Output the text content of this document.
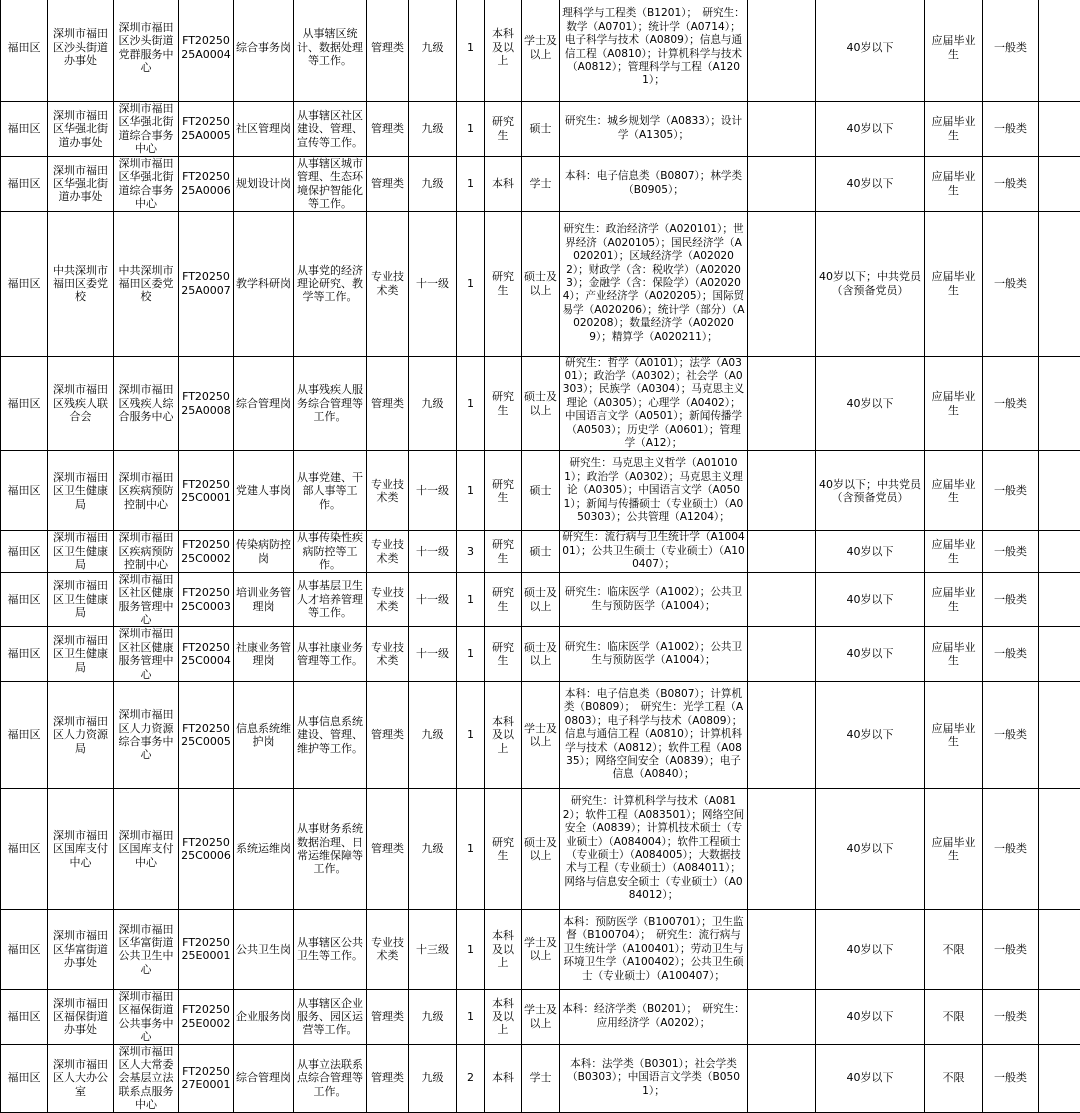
福田区	深圳市福田区沙头街道办事处	深圳市福田区沙头街道党群服务中心	FT2025025A0004	综合事务岗	从事辖区统计、数据处理等工作。	管理类	九级	1	本科及以上	学士及以上	理科学与工程类（B1201）；　研究生：数学（A0701）；统计学（A0714）；电子科学与技术（A0809）；信息与通信工程（A0810）；计算机科学与技术（A0812）；管理科学与工程（A1201）；		40岁以下	应届毕业生	一般类	
福田区	深圳市福田区华强北街道办事处	深圳市福田区华强北街道综合事务中心	FT2025025A0005	社区管理岗	从事辖区社区建设、管理、宣传等工作。	管理类	九级	1	研究生	硕士	研究生：城乡规划学（A0833）；设计学（A1305）；		40岁以下	应届毕业生	一般类	
福田区	深圳市福田区华强北街道办事处	深圳市福田区华强北街道综合事务中心	FT2025025A0006	规划设计岗	从事辖区城市管理、生态环境保护智能化等工作。	管理类	九级	1	本科	学士	本科：电子信息类（B0807）；林学类（B0905）；		40岁以下	应届毕业生	一般类	
福田区	中共深圳市福田区委党校	中共深圳市福田区委党校	FT2025025A0007	教学科研岗	从事党的经济理论研究、教学等工作。	专业技术类	十一级	1	研究生	硕士及以上	研究生：政治经济学（A020101）；世界经济（A020105）；国民经济学（A020201）；区域经济学（A020202）；财政学（含：税收学）（A020203）；金融学（含：保险学）（A020204）；产业经济学（A020205）；国际贸易学（A020206）；统计学（部分）（A020208）；数量经济学（A020209）；精算学（A020211）；		40岁以下；中共党员（含预备党员）	应届毕业生	一般类	
福田区	深圳市福田区残疾人联合会	深圳市福田区残疾人综合服务中心	FT2025025A0008	综合管理岗	从事残疾人服务综合管理等工作。	管理类	九级	1	研究生	硕士及以上	研究生：哲学（A0101）；法学（A0301）；政治学（A0302）；社会学（A0303）；民族学（A0304）；马克思主义理论（A0305）；心理学（A0402）；中国语言文学（A0501）；新闻传播学（A0503）；历史学（A0601）；管理学（A12）；		40岁以下	应届毕业生	一般类	
福田区	深圳市福田区卫生健康局	深圳市福田区疾病预防控制中心	FT2025025C0001	党建人事岗	从事党建、干部人事等工作。	专业技术类	十一级	1	研究生	硕士	研究生：马克思主义哲学（A010101）；政治学（A0302）；马克思主义理论（A0305）；中国语言文学（A0501）；新闻与传播硕士（专业硕士）（A050303）；公共管理（A1204）；		40岁以下；中共党员（含预备党员）	应届毕业生	一般类	
福田区	深圳市福田区卫生健康局	深圳市福田区疾病预防控制中心	FT2025025C0002	传染病防控岗	从事传染性疾病防控等工作。	专业技术类	十一级	3	研究生	硕士	研究生：流行病与卫生统计学（A100401）；公共卫生硕士（专业硕士）（A100407）；		40岁以下	应届毕业生	一般类	
福田区	深圳市福田区卫生健康局	深圳市福田区社区健康服务管理中心	FT2025025C0003	培训业务管理岗	从事基层卫生人才培养管理等工作。	专业技术类	十一级	1	研究生	硕士及以上	研究生：临床医学（A1002）；公共卫生与预防医学（A1004）；		40岁以下	应届毕业生	一般类	
福田区	深圳市福田区卫生健康局	深圳市福田区社区健康服务管理中心	FT2025025C0004	社康业务管理岗	从事社康业务管理等工作。	专业技术类	十一级	1	研究生	硕士及以上	研究生：临床医学（A1002）；公共卫生与预防医学（A1004）；		40岁以下	应届毕业生	一般类	
福田区	深圳市福田区人力资源局	深圳市福田区人力资源综合事务中心	FT2025025C0005	信息系统维护岗	从事信息系统建设、管理、维护等工作。	管理类	九级	1	本科及以上	学士及以上	本科：电子信息类（B0807）；计算机类（B0809）；　研究生：光学工程（A0803）；电子科学与技术（A0809）；信息与通信工程（A0810）；计算机科学与技术（A0812）；软件工程（A0835）；网络空间安全（A0839）；电子信息（A0840）；		40岁以下	应届毕业生	一般类	
福田区	深圳市福田区国库支付中心	深圳市福田区国库支付中心	FT2025025C0006	系统运维岗	从事财务系统数据治理、日常运维保障等工作。	管理类	九级	1	研究生	硕士及以上	研究生：计算机科学与技术（A0812）；软件工程（A083501）；网络空间安全（A0839）；计算机技术硕士（专业硕士）（A084004）；软件工程硕士（专业硕士）（A084005）；大数据技术与工程（专业硕士）（A084011）；网络与信息安全硕士（专业硕士）（A084012）；		40岁以下	应届毕业生	一般类	
福田区	深圳市福田区华富街道办事处	深圳市福田区华富街道公共卫生中心	FT2025025E0001	公共卫生岗	从事辖区公共卫生等工作。	专业技术类	十三级	1	本科及以上	学士及以上	本科：预防医学（B100701）；卫生监督（B100704）；　研究生：流行病与卫生统计学（A100401）；劳动卫生与环境卫生学（A100402）；公共卫生硕士（专业硕士）（A100407）；		40岁以下	不限	一般类	
福田区	深圳市福田区福保街道办事处	深圳市福田区福保街道公共事务中心	FT2025025E0002	企业服务岗	从事辖区企业服务、园区运营等工作。	管理类	九级	1	本科及以上	学士及以上	本科：经济学类（B0201）；　研究生：应用经济学（A0202）；		40岁以下	不限	一般类	
福田区	深圳市福田区人大办公室	深圳市福田区人大常委会基层立法联系点服务中心	FT2025027E0001	综合管理岗	从事立法联系点综合管理等工作。	管理类	九级	2	本科	学士	本科：法学类（B0301）；社会学类（B0303）；中国语言文学类（B0501）；		40岁以下	不限	一般类	
